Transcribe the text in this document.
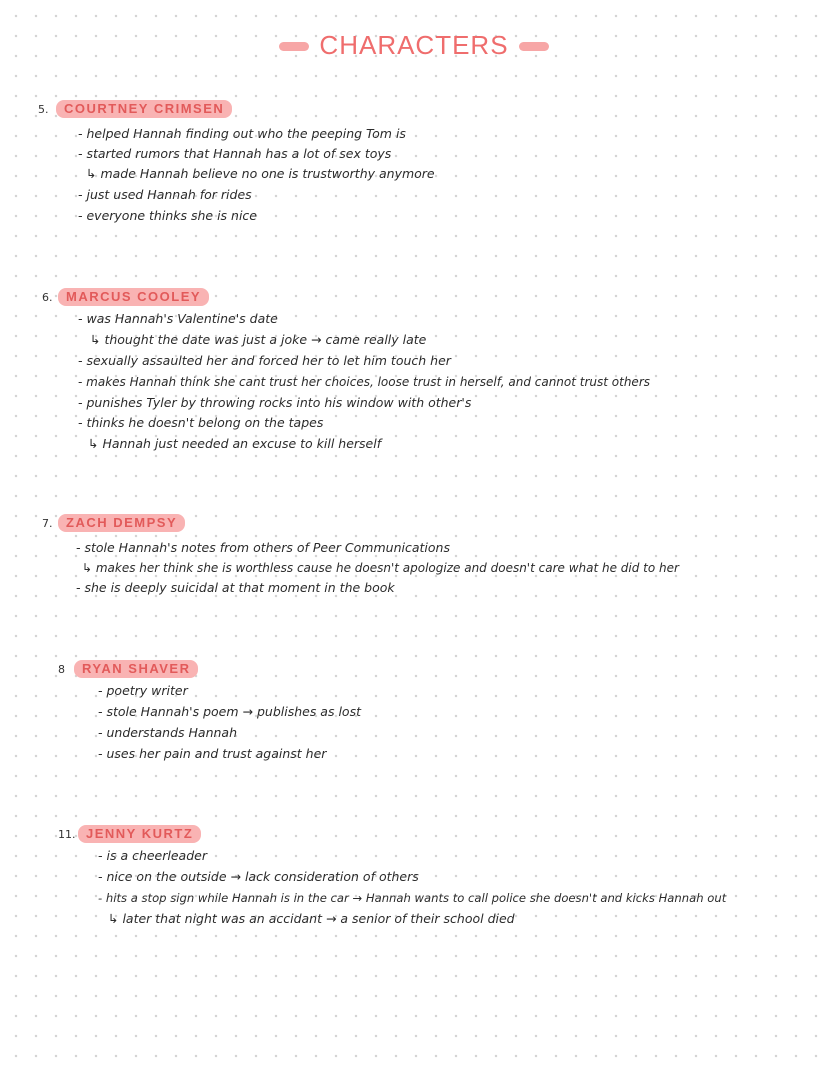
CHARACTERS
5.	COURTNEY CRIMSEN
- helped Hannah finding out who the peeping Tom is
- started rumors that Hannah has a lot of sex toys
↳ made Hannah believe no one is trustworthy anymore
- just used Hannah for rides
- everyone thinks she is nice
6.	MARCUS COOLEY
- was Hannah's Valentine's date
↳ thought the date was just a joke → came really late
- sexually assaulted her and forced her to let him touch her
- makes Hannah think she cant trust her choices, loose trust in herself, and cannot trust others
- punishes Tyler by throwing rocks into his window with other's
- thinks he doesn't belong on the tapes
↳ Hannah just needed an excuse to kill herself
7.	ZACH DEMPSY
- stole Hannah's notes from others of Peer Communications
↳ makes her think she is worthless cause he doesn't apologize and doesn't care what he did to her
- she is deeply suicidal at that moment in the book
8	RYAN SHAVER
- poetry writer
- stole Hannah's poem → publishes as lost
- understands Hannah
- uses her pain and trust against her
11. JENNY KURTZ
- is a cheerleader
- nice on the outside → lack consideration of others
- hits a stop sign while Hannah is in the car → Hannah wants to call police she doesn't and kicks Hannah out
↳ later that night was an accidant → a senior of their school died
